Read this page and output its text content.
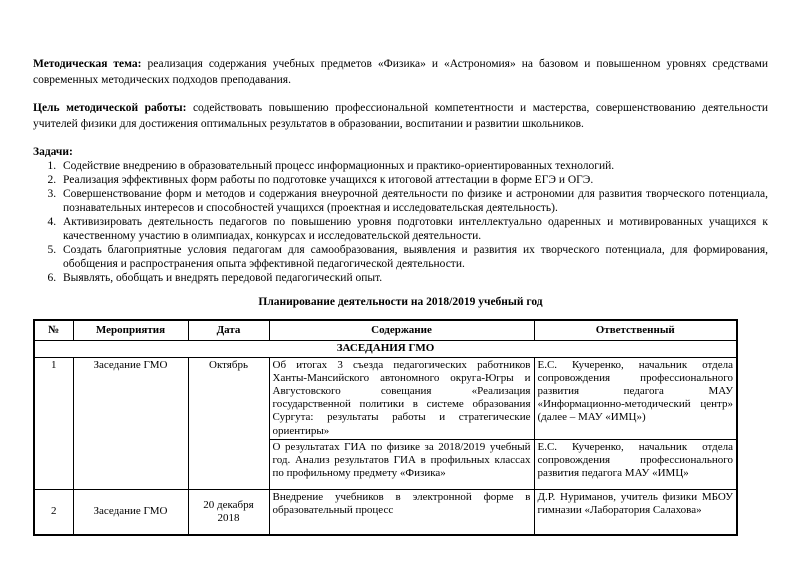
Методическая тема: реализация содержания учебных предметов «Физика» и «Астрономия» на базовом и повышенном уровнях средствами современных методических подходов преподавания.

Цель методической работы: содействовать повышению профессиональной компетентности и мастерства, совершенствованию деятельности учителей физики для достижения оптимальных результатов в образовании, воспитании и развитии школьников.

Задачи:
1. Содействие внедрению в образовательный процесс информационных и практико-ориентированных технологий.
2. Реализация эффективных форм работы по подготовке учащихся к итоговой аттестации в форме ЕГЭ и ОГЭ.
3. Совершенствование форм и методов и содержания внеурочной деятельности по физике и астрономии для развития творческого потенциала, познавательных интересов и способностей учащихся (проектная и исследовательская деятельность).
4. Активизировать деятельность педагогов по повышению уровня подготовки интеллектуально одаренных и мотивированных учащихся к качественному участию в олимпиадах, конкурсах и исследовательской деятельности.
5. Создать благоприятные условия педагогам для самообразования, выявления и развития их творческого потенциала, для формирования, обобщения и распространения опыта эффективной педагогической деятельности.
6. Выявлять, обобщать и внедрять передовой педагогический опыт.
Планирование деятельности на 2018/2019 учебный год
№	Мероприятия	Дата	Содержание	Ответственный
ЗАСЕДАНИЯ ГМО				
1	Заседание ГМО	Октябрь	Об итогах 3 съезда педагогических работников Ханты-Мансийского автономного округа-Югры и Августовского совещания «Реализация государственной политики в системе образования Сургута: результаты работы и стратегические ориентиры»	Е.С. Кучеренко, начальник отдела сопровождения профессионального развития педагога МАУ «Информационно-методический центр» (далее – МАУ «ИМЦ»)
			О результатах ГИА по физике за 2018/2019 учебный год. Анализ результатов ГИА в профильных классах по профильному предмету «Физика»	Е.С. Кучеренко, начальник отдела сопровождения профессионального развития педагога МАУ «ИМЦ»
2	Заседание ГМО	20 декабря 2018	Внедрение учебников в электронной форме в образовательный процесс	Д.Р. Нуриманов, учитель физики МБОУ гимназии «Лаборатория Салахова»
